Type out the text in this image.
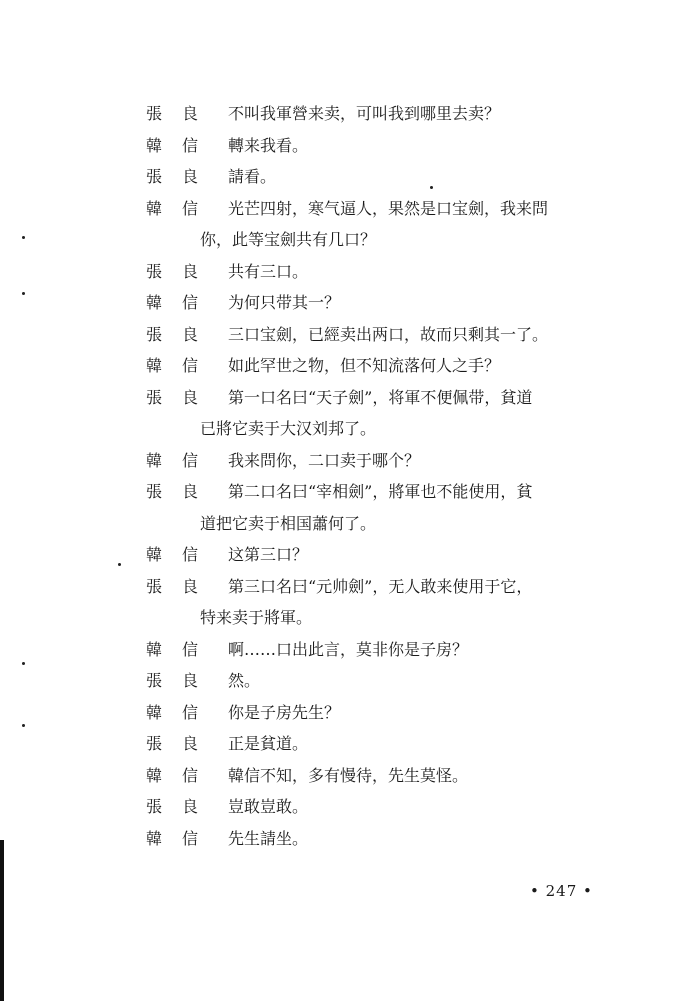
張	良	不叫我軍營来卖，可叫我到哪里去卖？
韓	信	轉来我看。
張	良	請看。
韓	信	光芒四射，寒气逼人，果然是口宝劍，我来問
你，此等宝劍共有几口？
張	良	共有三口。
韓	信	为何只带其一？
張	良	三口宝劍，已經卖出两口，故而只剩其一了。
韓	信	如此罕世之物，但不知流落何人之手？
張	良	第一口名曰“天子劍”，将軍不便佩带，貧道
已將它卖于大汉刘邦了。
韓	信	我来問你，二口卖于哪个？
張	良	第二口名曰“宰相劍”，將軍也不能使用，貧
道把它卖于相国蕭何了。
韓	信	这第三口？
張	良	第三口名曰“元帅劍”，无人敢来使用于它，
特来卖于將軍。
韓	信	啊……口出此言，莫非你是子房？
張	良	然。
韓	信	你是子房先生？
張	良	正是貧道。
韓	信	韓信不知，多有慢待，先生莫怪。
張	良	豈敢豈敢。
韓	信	先生請坐。
• 247 •
